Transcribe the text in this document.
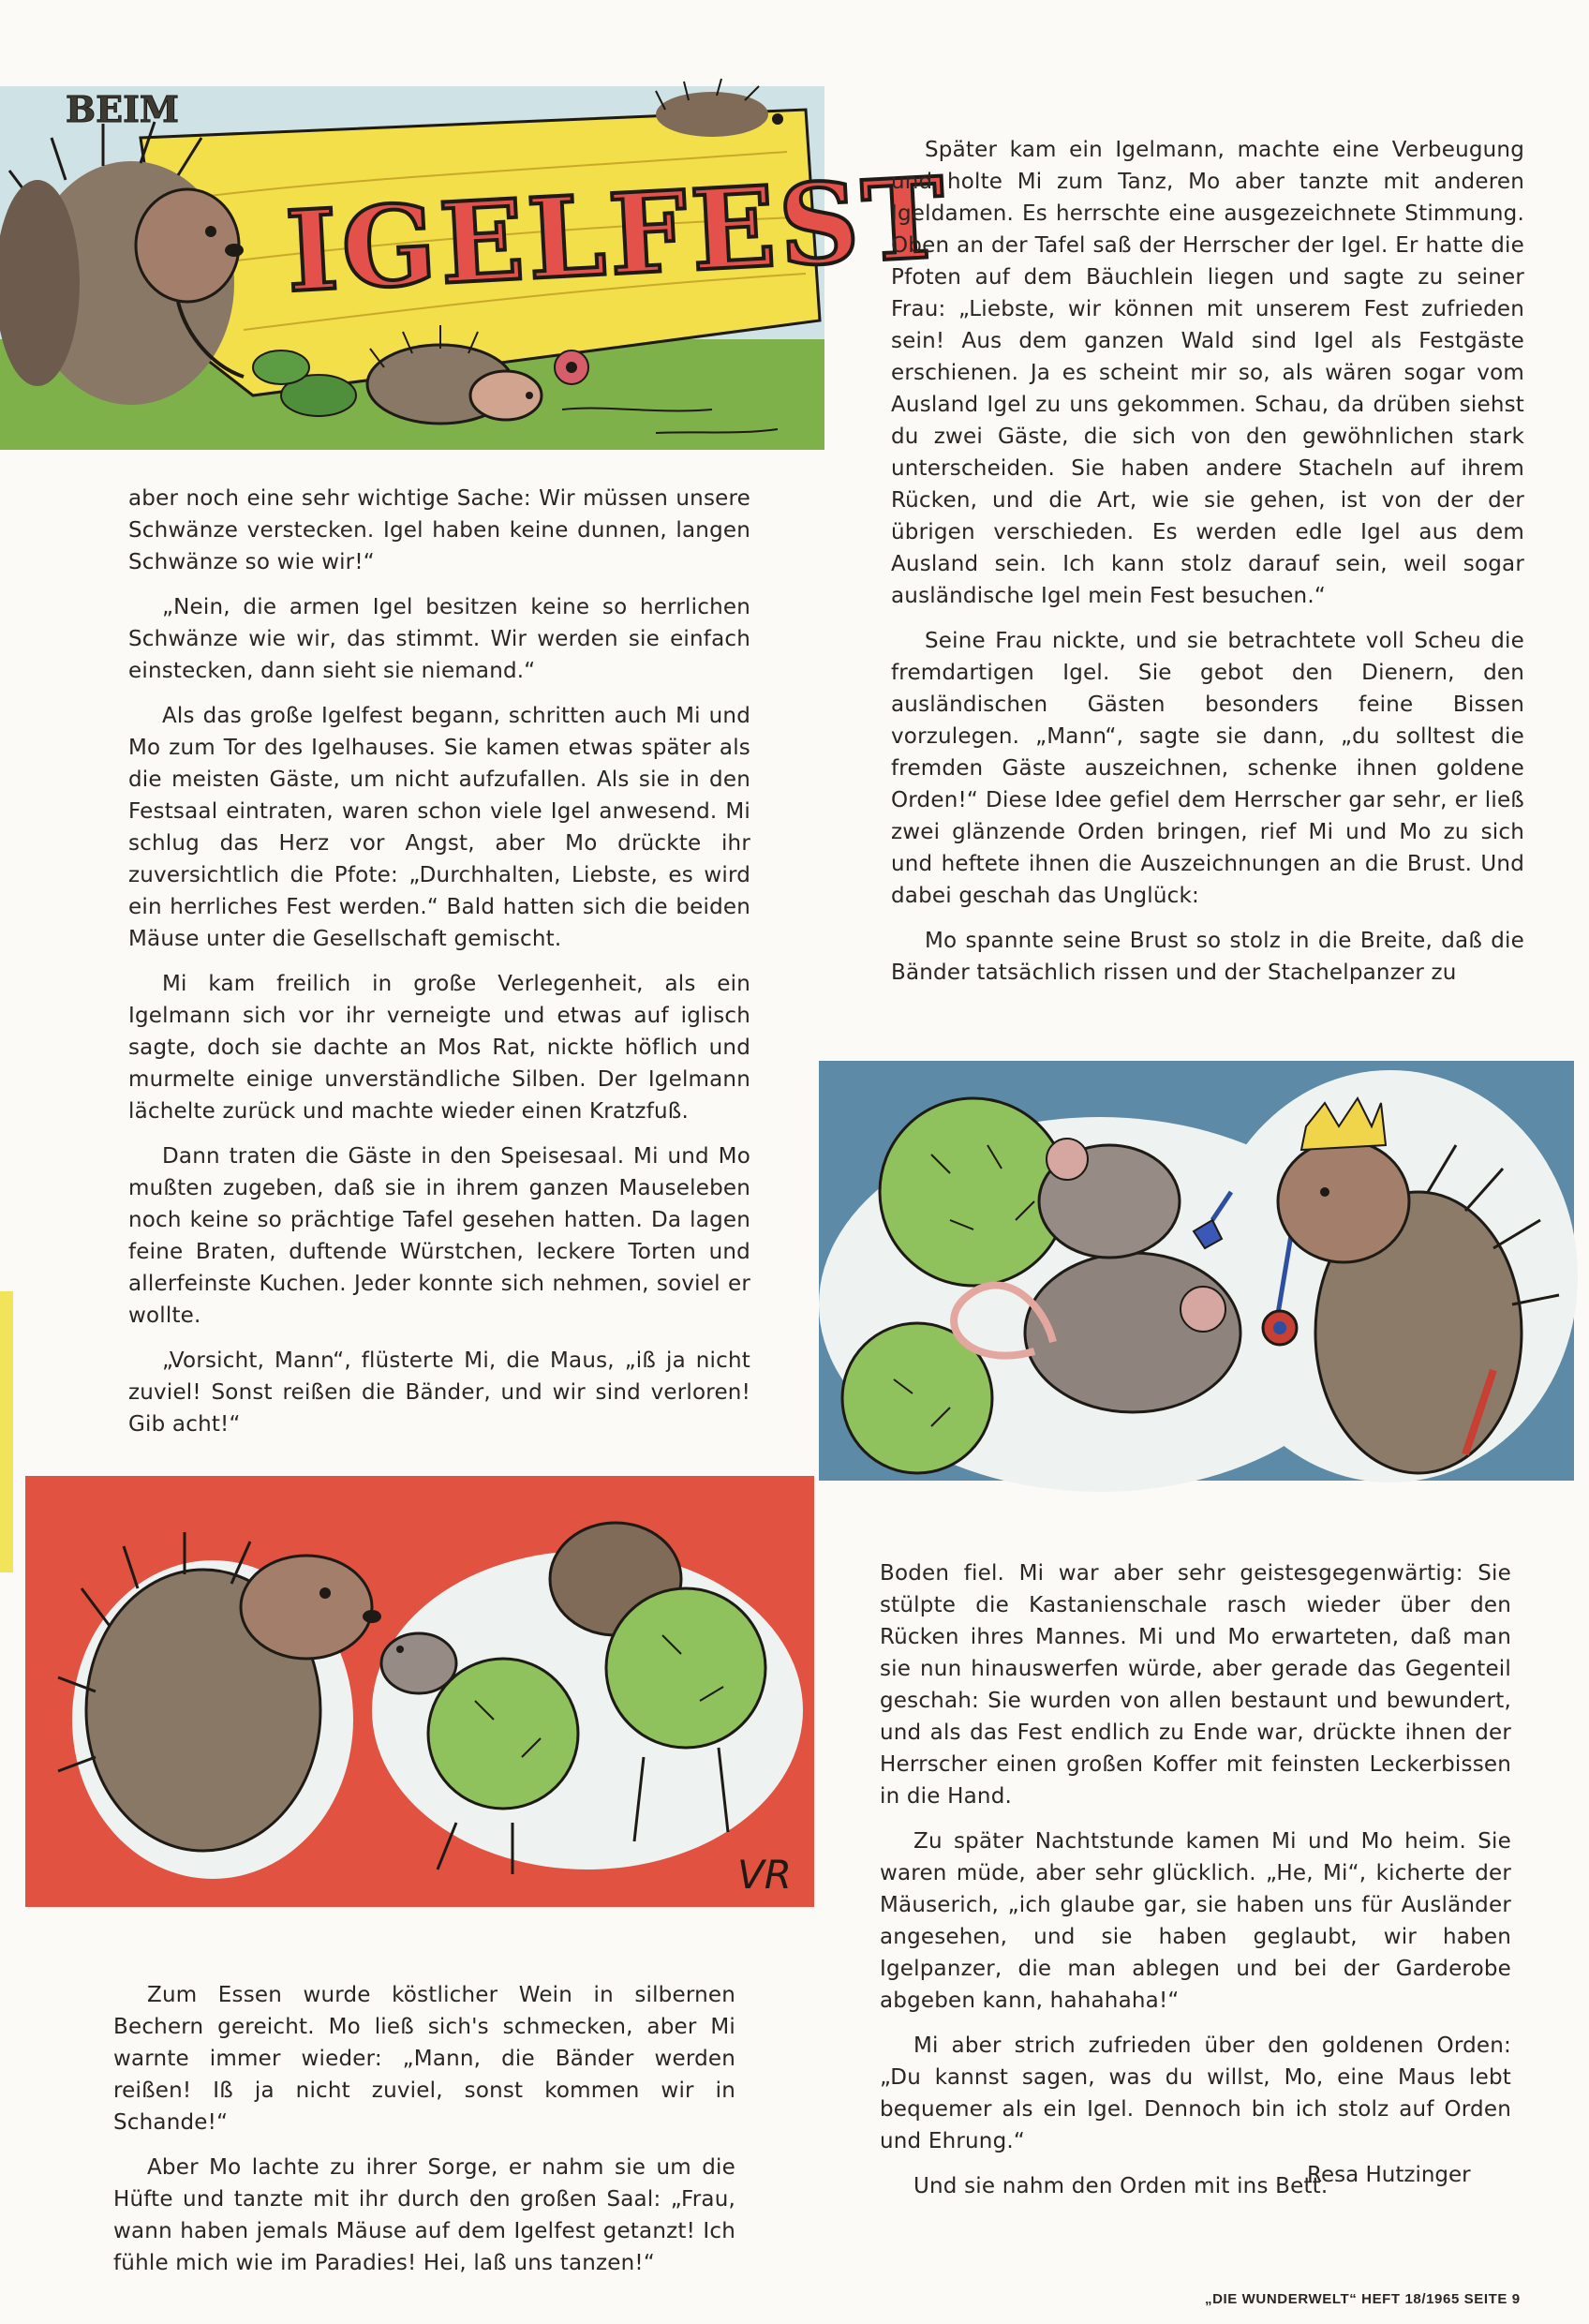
BEIM
IGELFEST

aber noch eine sehr wichtige Sache: Wir müssen unsere Schwänze verstecken. Igel haben keine dunnen, langen Schwänze so wie wir!“

„Nein, die armen Igel besitzen keine so herrlichen Schwänze wie wir, das stimmt. Wir werden sie einfach einstecken, dann sieht sie niemand.“

Als das große Igelfest begann, schritten auch Mi und Mo zum Tor des Igelhauses. Sie kamen etwas später als die meisten Gäste, um nicht aufzufallen. Als sie in den Festsaal eintraten, waren schon viele Igel anwesend. Mi schlug das Herz vor Angst, aber Mo drückte ihr zuversichtlich die Pfote: „Durchhalten, Liebste, es wird ein herrliches Fest werden.“ Bald hatten sich die beiden Mäuse unter die Gesellschaft gemischt.

Mi kam freilich in große Verlegenheit, als ein Igelmann sich vor ihr verneigte und etwas auf iglisch sagte, doch sie dachte an Mos Rat, nickte höflich und murmelte einige unverständliche Silben. Der Igelmann lächelte zurück und machte wieder einen Kratzfuß.

Dann traten die Gäste in den Speisesaal. Mi und Mo mußten zugeben, daß sie in ihrem ganzen Mauseleben noch keine so prächtige Tafel gesehen hatten. Da lagen feine Braten, duftende Würstchen, leckere Torten und allerfeinste Kuchen. Jeder konnte sich nehmen, soviel er wollte.

„Vorsicht, Mann“, flüsterte Mi, die Maus, „iß ja nicht zuviel! Sonst reißen die Bänder, und wir sind verloren! Gib acht!“

Später kam ein Igelmann, machte eine Verbeugung und holte Mi zum Tanz, Mo aber tanzte mit anderen Igeldamen. Es herrschte eine ausgezeichnete Stimmung. Oben an der Tafel saß der Herrscher der Igel. Er hatte die Pfoten auf dem Bäuchlein liegen und sagte zu seiner Frau: „Liebste, wir können mit unserem Fest zufrieden sein! Aus dem ganzen Wald sind Igel als Festgäste erschienen. Ja es scheint mir so, als wären sogar vom Ausland Igel zu uns gekommen. Schau, da drüben siehst du zwei Gäste, die sich von den gewöhnlichen stark unterscheiden. Sie haben andere Stacheln auf ihrem Rücken, und die Art, wie sie gehen, ist von der der übrigen verschieden. Es werden edle Igel aus dem Ausland sein. Ich kann stolz darauf sein, weil sogar ausländische Igel mein Fest besuchen.“

Seine Frau nickte, und sie betrachtete voll Scheu die fremdartigen Igel. Sie gebot den Dienern, den ausländischen Gästen besonders feine Bissen vorzulegen. „Mann“, sagte sie dann, „du solltest die fremden Gäste auszeichnen, schenke ihnen goldene Orden!“ Diese Idee gefiel dem Herrscher gar sehr, er ließ zwei glänzende Orden bringen, rief Mi und Mo zu sich und heftete ihnen die Auszeichnungen an die Brust. Und dabei geschah das Unglück:

Mo spannte seine Brust so stolz in die Breite, daß die Bänder tatsächlich rissen und der Stachelpanzer zu

VR

Boden fiel. Mi war aber sehr geistesgegenwärtig: Sie stülpte die Kastanienschale rasch wieder über den Rücken ihres Mannes. Mi und Mo erwarteten, daß man sie nun hinauswerfen würde, aber gerade das Gegenteil geschah: Sie wurden von allen bestaunt und bewundert, und als das Fest endlich zu Ende war, drückte ihnen der Herrscher einen großen Koffer mit feinsten Leckerbissen in die Hand.

Zu später Nachtstunde kamen Mi und Mo heim. Sie waren müde, aber sehr glücklich. „He, Mi“, kicherte der Mäuserich, „ich glaube gar, sie haben uns für Ausländer angesehen, und sie haben geglaubt, wir haben Igelpanzer, die man ablegen und bei der Garderobe abgeben kann, hahahaha!“

Mi aber strich zufrieden über den goldenen Orden: „Du kannst sagen, was du willst, Mo, eine Maus lebt bequemer als ein Igel. Dennoch bin ich stolz auf Orden und Ehrung.“

Und sie nahm den Orden mit ins Bett.

Zum Essen wurde köstlicher Wein in silbernen Bechern gereicht. Mo ließ sich's schmecken, aber Mi warnte immer wieder: „Mann, die Bänder werden reißen! Iß ja nicht zuviel, sonst kommen wir in Schande!“

Aber Mo lachte zu ihrer Sorge, er nahm sie um die Hüfte und tanzte mit ihr durch den großen Saal: „Frau, wann haben jemals Mäuse auf dem Igelfest getanzt! Ich fühle mich wie im Paradies! Hei, laß uns tanzen!“

Resa Hutzinger
„DIE WUNDERWELT“ HEFT 18/1965 SEITE 9
